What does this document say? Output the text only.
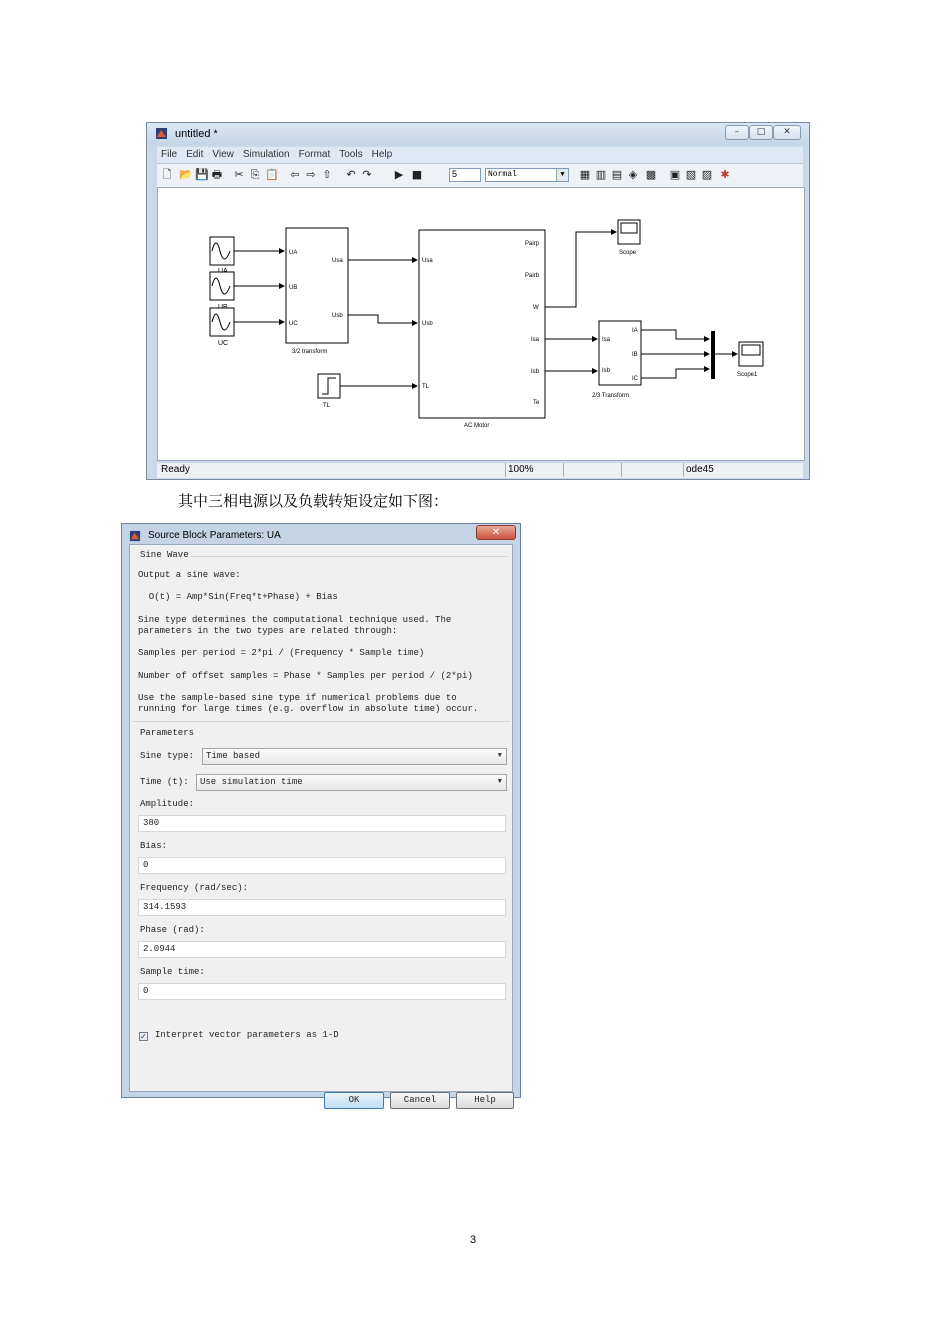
untitled *	–	□	✕
File Edit View Simulation Format Tools Help
🗋 📂 💾 🖶 ✂ ⎘ 📋 ⇦ ⇨ ⇧ ↶ ↷ ▶ ■	5	Normal	▼	▦ ▥ ▤ ◈ ▩ ▣ ▧ ▨ ✱
UC
UA
UB
UC
Usa
Usb
3/2 transform
Usa
Usb
TL
Pairp
Pairb
W
Isa
Isb
Te
AC Motor
TL
Scope
Isa
Isb
IA
IB
IC
2/3 Transform
Scope1
Ready	100%	ode45
其中三相电源以及负载转矩设定如下图：
Source Block Parameters: UA	✕
Sine Wave
Output a sine wave:
O(t) = Amp*Sin(Freq*t+Phase) + Bias
Sine type determines the computational technique used. The
parameters in the two types are related through:
Samples per period = 2*pi / (Frequency * Sample time)
Number of offset samples = Phase * Samples per period / (2*pi)
Use the sample-based sine type if numerical problems due to
running for large times (e.g. overflow in absolute time) occur.
Parameters
Sine type:	Time based	▼
Time (t):	Use simulation time	▼
Amplitude:
380
Bias:
0
Frequency (rad/sec):
314.1593
Phase (rad):
2.0944
Sample time:
0
✓ Interpret vector parameters as 1-D
OK	Cancel	Help
3
